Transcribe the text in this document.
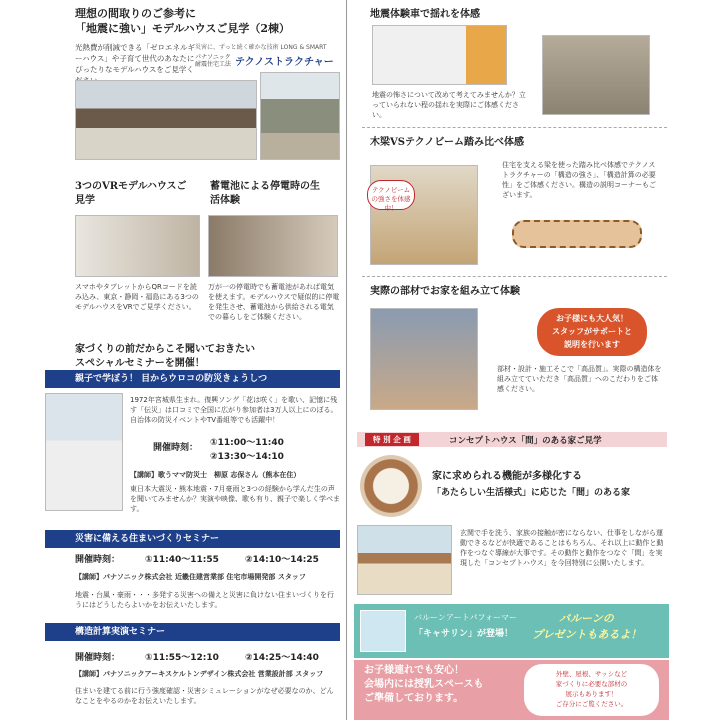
理想の間取りのご参考に
「地震に強い」モデルハウスご見学（2棟）
光熱費が削減できる「ゼロエネルギーハウス」や子育て世代のあなたにぴったりなモデルハウスをご見学く
災害に、ずっと続く確かな技術 LONG & SMART
パナソニック耐震住宅工法 テクノストラクチャー
3つのVRモデルハウスご見学
蓄電池による停電時の生活体験
スマホやタブレットからQRコードを読み込み、東京・静岡・福島にある3つのモデルハウスをVRでご見学ください。
万が一の停電時でも蓄電池があれば電気を使えます。モデルハウスで疑似的に停電を発生させ、蓄電池から供給される電気での暮らしをご体験ください。
家づくりの前だからこそ聞いておきたい
スペシャルセミナーを開催！
親子で学ぼう！ 目からウロコの防災きょうしつ
1972年宮城県生まれ。復興ソング「花は咲く」を歌い、記憶に残す「伝災」は口コミで全国に広がり参加者は3万人以上にのぼる。自治体の防災イベントやTV番組等でも活躍中！
開催時刻： ①11:00～11:40
②13:30～14:10
【講師】歌うママ防災士　柳原 志保さん（熊本在住）
東日本大震災・熊本地震・7月豪雨と3つの経験から学んだ生の声を聞いてみませんか？実演や映像、歌も有り、親子で楽しく学べます。
災害に備える住まいづくりセミナー
開催時刻：	①11:40～11:55	②14:10～14:25
【講師】パナソニック株式会社 近畿住建営業部 住宅市場開発部 スタッフ
地震・台風・豪雨・・・多発する災害への備えと災害に負けない住まいづくりを行うにはどうしたらよいかをお伝えいたします。
構造計算実演セミナー
開催時刻：	①11:55～12:10	②14:25～14:40
【講師】パナソニックアーキスケルトンデザイン株式会社 営業設計部 スタッフ
住まいを建てる前に行う強度確認・災害シミュレーションがなぜ必要なのか、どんなことをやるのかをお伝えいたします。
地震体験車で揺れを体感
地震の怖さについて改めて考えてみませんか？立っていられない程の揺れを実際にご体感ください。
木梁VSテクノビーム踏み比べ体感
テクノビームの強さを体感中！
住宅を支える梁を使った踏み比べ体感でテクノストラクチャーの「構造の強さ」、「構造計算の必要性」をご体感ください。構造の説明コーナーもございます。
実際の部材でお家を組み立て体験
お子様にも大人気！
スタッフがサポートと
説明を行います
部材・設計・施工そこで「高品質」。実際の構造体を組み立てていただき「高品質」へのこだわりをご体感ください。
特 別 企 画	コンセプトハウス「間」のある家ご見学
家に求められる機能が多様化する
「あたらしい生活様式」に応じた「間」のある家
玄関で手を洗う、家族の接触が密にならない、仕事をしながら運動できるなどが快適であることはもちろん、それ以上に動作と動作をつなぐ導線が大事です。その動作と動作をつなぐ「間」を実現した「コンセプトハウス」を今回特別に公開いたします。
バルーンアートパフォーマー
「キャサリン」が登場！
バルーンの
プレゼントもあるよ！
お子様連れでも安心！
会場内には授乳スペースも
ご準備しております。
外壁、屋根、サッシなど
家づくりに必要な部材の
展示もあります！
ご存分にご覧ください。
